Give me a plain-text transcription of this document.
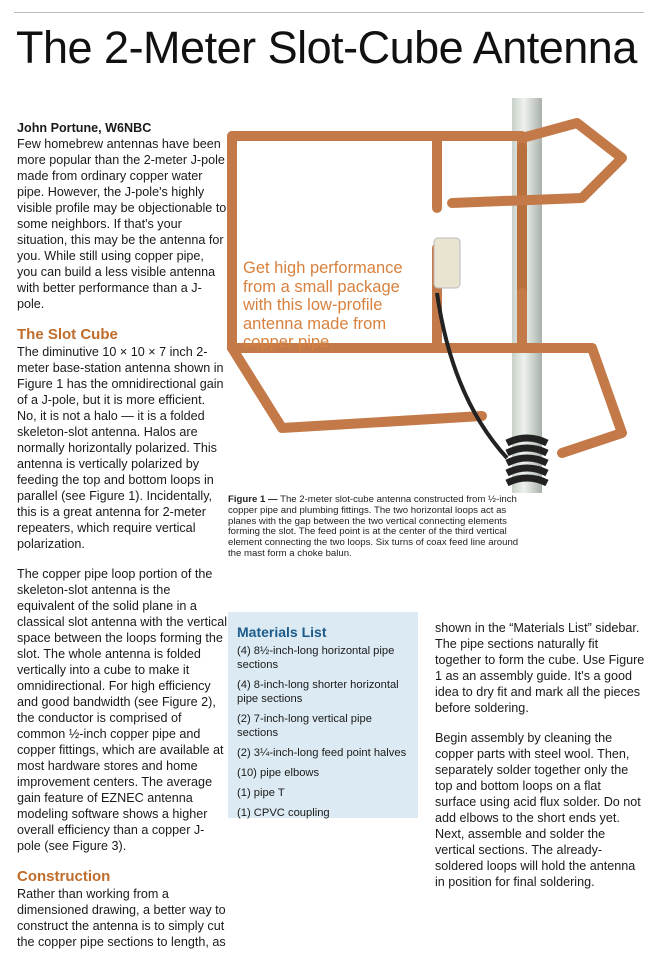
The 2-Meter Slot-Cube Antenna
John Portune, W6NBC

Few homebrew antennas have been more popular than the 2-meter J-pole made from ordinary copper water pipe. However, the J-pole's highly visible profile may be objectionable to some neighbors. If that's your situation, this may be the antenna for you. While still using copper pipe, you can build a less visible antenna with better performance than a J-pole.

The Slot Cube

The diminutive 10 × 10 × 7 inch 2-meter base-station antenna shown in Figure 1 has the omnidirectional gain of a J-pole, but it is more efficient. No, it is not a halo — it is a folded skeleton-slot antenna. Halos are normally horizontally polarized. This antenna is vertically polarized by feeding the top and bottom loops in parallel (see Figure 1). Incidentally, this is a great antenna for 2-meter repeaters, which require vertical polarization.

The copper pipe loop portion of the skeleton-slot antenna is the equivalent of the solid plane in a classical slot antenna with the vertical space between the loops forming the slot. The whole antenna is folded vertically into a cube to make it omnidirectional. For high efficiency and good bandwidth (see Figure 2), the conductor is comprised of common ½-inch copper pipe and copper fittings, which are available at most hardware stores and home improvement centers. The average gain feature of EZNEC antenna modeling software shows a higher overall efficiency than a copper J-pole (see Figure 3).

Construction

Rather than working from a dimensioned drawing, a better way to construct the antenna is to simply cut the copper pipe sections to length, as

Get high performance from a small package with this low-profile antenna made from copper pipe.
Figure 1 — The 2-meter slot-cube antenna constructed from ½-inch copper pipe and plumbing fittings. The two horizontal loops act as planes with the gap between the two vertical connecting elements forming the slot. The feed point is at the center of the third vertical element connecting the two loops. Six turns of coax feed line around the mast form a choke balun.
Materials List
(4) 8½-inch-long horizontal pipe sections
(4) 8-inch-long shorter horizontal pipe sections
(2) 7-inch-long vertical pipe sections
(2) 3¼-inch-long feed point halves
(10) pipe elbows
(1) pipe T
(1) CPVC coupling

shown in the “Materials List” sidebar. The pipe sections naturally fit together to form the cube. Use Figure 1 as an assembly guide. It's a good idea to dry fit and mark all the pieces before soldering.

Begin assembly by cleaning the copper parts with steel wool. Then, separately solder together only the top and bottom loops on a flat surface using acid flux solder. Do not add elbows to the short ends yet. Next, assemble and solder the vertical sections. The already-soldered loops will hold the antenna in position for final soldering.
